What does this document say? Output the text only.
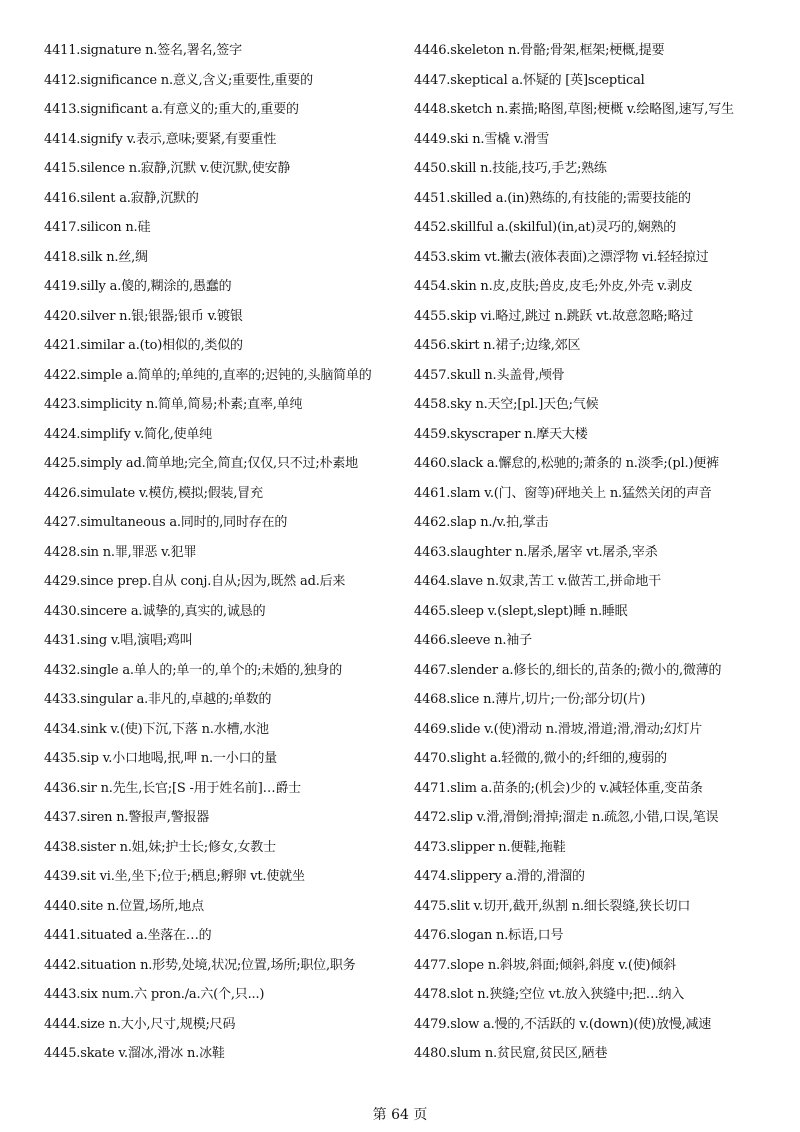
4411.signature n.签名,署名,签字
4412.significance n.意义,含义;重要性,重要的
4413.significant a.有意义的;重大的,重要的
4414.signify v.表示,意味;要紧,有要重性
4415.silence n.寂静,沉默 v.使沉默,使安静
4416.silent a.寂静,沉默的
4417.silicon n.硅
4418.silk n.丝,绸
4419.silly a.傻的,糊涂的,愚蠢的
4420.silver n.银;银器;银币 v.镀银
4421.similar a.(to)相似的,类似的
4422.simple a.简单的;单纯的,直率的;迟钝的,头脑简单的
4423.simplicity n.简单,简易;朴素;直率,单纯
4424.simplify v.简化,使单纯
4425.simply ad.简单地;完全,简直;仅仅,只不过;朴素地
4426.simulate v.模仿,模拟;假装,冒充
4427.simultaneous a.同时的,同时存在的
4428.sin n.罪,罪恶 v.犯罪
4429.since prep.自从 conj.自从;因为,既然 ad.后来
4430.sincere a.诚挚的,真实的,诚恳的
4431.sing v.唱,演唱;鸡叫
4432.single a.单人的;单一的,单个的;未婚的,独身的
4433.singular a.非凡的,卓越的;单数的
4434.sink v.(使)下沉,下落 n.水槽,水池
4435.sip v.小口地喝,抿,呷 n.一小口的量
4436.sir n.先生,长官;[S -用于姓名前]…爵士
4437.siren n.警报声,警报器
4438.sister n.姐,妹;护士长;修女,女教士
4439.sit vi.坐,坐下;位于;栖息;孵卵 vt.使就坐
4440.site n.位置,场所,地点
4441.situated a.坐落在…的
4442.situation n.形势,处境,状况;位置,场所;职位,职务
4443.six num.六 pron./a.六(个,只...)
4444.size n.大小,尺寸,规模;尺码
4445.skate v.溜冰,滑冰 n.冰鞋
4446.skeleton n.骨骼;骨架,框架;梗概,提要
4447.skeptical a.怀疑的 [英]sceptical
4448.sketch n.素描;略图,草图;梗概 v.绘略图,速写,写生
4449.ski n.雪橇 v.滑雪
4450.skill n.技能,技巧,手艺;熟练
4451.skilled a.(in)熟练的,有技能的;需要技能的
4452.skillful a.(skilful)(in,at)灵巧的,娴熟的
4453.skim vt.撇去(液体表面)之漂浮物 vi.轻轻掠过
4454.skin n.皮,皮肤;兽皮,皮毛;外皮,外壳 v.剥皮
4455.skip vi.略过,跳过 n.跳跃 vt.故意忽略;略过
4456.skirt n.裙子;边缘,郊区
4457.skull n.头盖骨,颅骨
4458.sky n.天空;[pl.]天色;气候
4459.skyscraper n.摩天大楼
4460.slack a.懈怠的,松驰的;萧条的 n.淡季;(pl.)便裤
4461.slam v.(门、窗等)砰地关上 n.猛然关闭的声音
4462.slap n./v.拍,掌击
4463.slaughter n.屠杀,屠宰 vt.屠杀,宰杀
4464.slave n.奴隶,苦工 v.做苦工,拼命地干
4465.sleep v.(slept,slept)睡 n.睡眠
4466.sleeve n.袖子
4467.slender a.修长的,细长的,苗条的;微小的,微薄的
4468.slice n.薄片,切片;一份;部分切(片)
4469.slide v.(使)滑动 n.滑坡,滑道;滑,滑动;幻灯片
4470.slight a.轻微的,微小的;纤细的,瘦弱的
4471.slim a.苗条的;(机会)少的 v.减轻体重,变苗条
4472.slip v.滑,滑倒;滑掉;溜走 n.疏忽,小错,口误,笔误
4473.slipper n.便鞋,拖鞋
4474.slippery a.滑的,滑溜的
4475.slit v.切开,截开,纵割 n.细长裂缝,狭长切口
4476.slogan n.标语,口号
4477.slope n.斜坡,斜面;倾斜,斜度 v.(使)倾斜
4478.slot n.狭缝;空位 vt.放入狭缝中;把…纳入
4479.slow a.慢的,不活跃的 v.(down)(使)放慢,减速
4480.slum n.贫民窟,贫民区,陋巷
第 64 页
